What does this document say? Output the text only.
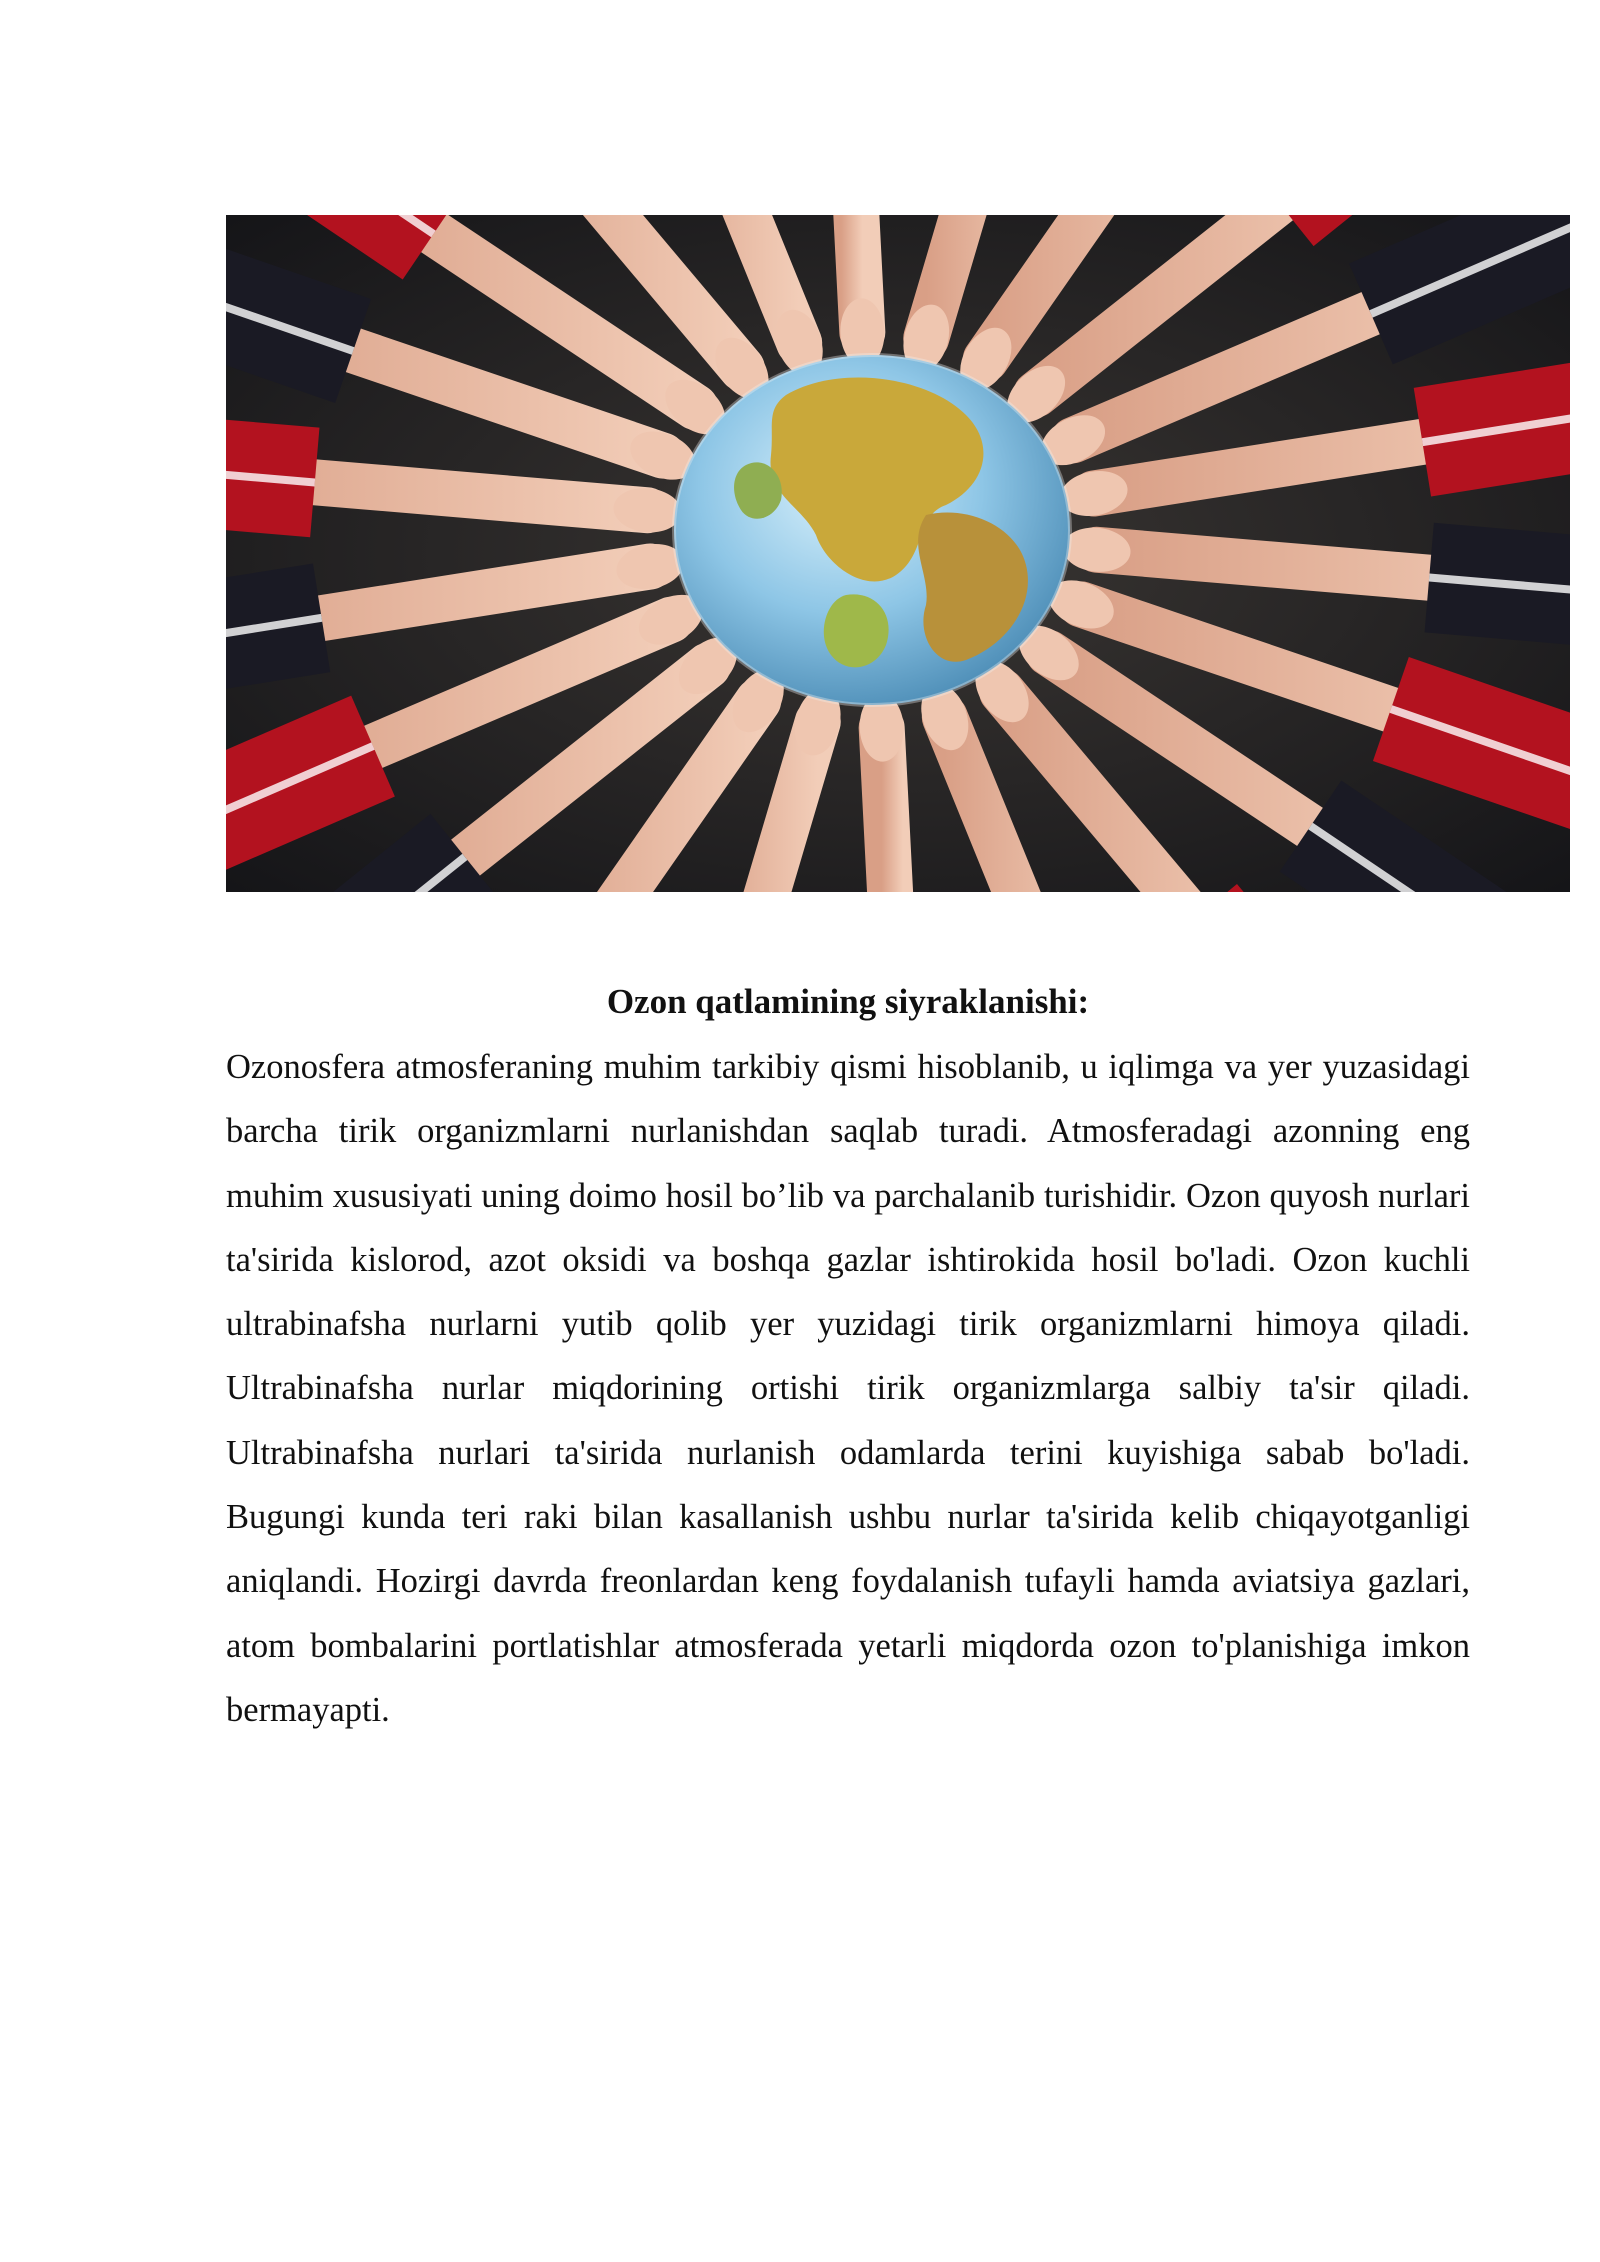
Ozon qatlamining siyraklanishi:

Ozonosfera atmosferaning muhim tarkibiy qismi hisoblanib, u iqlimga va yer yuzasidagi barcha tirik organizmlarni nurlanishdan saqlab turadi. Atmosferadagi azonning eng muhim xususiyati uning doimo hosil bo’lib va parchalanib turishidir. Ozon quyosh nurlari ta'sirida kislorod, azot oksidi va boshqa gazlar ishtirokida hosil bo'ladi. Ozon kuchli ultrabinafsha nurlarni yutib qolib yer yuzidagi tirik organizmlarni himoya qiladi. Ultrabinafsha nurlar miqdorining ortishi tirik organizmlarga salbiy ta'sir qiladi. Ultrabinafsha nurlari ta'sirida nurlanish odamlarda terini kuyishiga sabab bo'ladi. Bugungi kunda teri raki bilan kasallanish ushbu nurlar ta'sirida kelib chiqayotganligi aniqlandi. Hozirgi davrda freonlardan keng foydalanish tufayli hamda aviatsiya gazlari, atom bombalarini portlatishlar atmosferada yetarli miqdorda ozon to'planishiga imkon bermayapti.
